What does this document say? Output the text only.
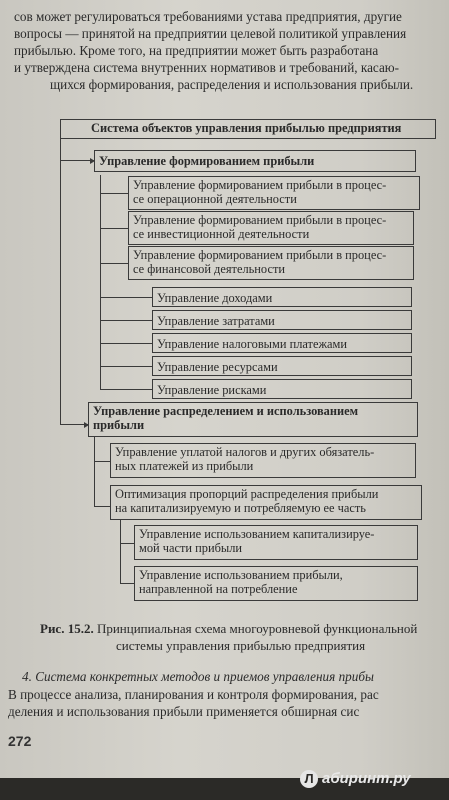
сов может регулироваться требованиями устава предприятия, другие
вопросы — принятой на предприятии целевой политикой управления
прибылью. Кроме того, на предприятии может быть разработана
и утверждена система внутренних нормативов и требований, касаю-
щихся формирования, распределения и использования прибыли.
Система объектов управления прибылью предприятия
Управление формированием прибыли
Управление формированием прибыли в процес-
се операционной деятельности
Управление формированием прибыли в процес-
се инвестиционной деятельности
Управление формированием прибыли в процес-
се финансовой деятельности
Управление доходами
Управление затратами
Управление налоговыми платежами
Управление ресурсами
Управление рисками
Управление распределением и использованием
прибыли
Управление уплатой налогов и других обязатель-
ных платежей из прибыли
Оптимизация пропорций распределения прибыли
на капитализируемую и потребляемую ее часть
Управление использованием капитализируе-
мой части прибыли
Управление использованием прибыли,
направленной на потребление
Рис. 15.2. Принципиальная схема многоуровневой функциональной
системы управления прибылью предприятия
4. Система конкретных методов и приемов управления прибы
В процессе анализа, планирования и контроля формирования, рас
деления и использования прибыли применяется обширная сис
272
Л абиринт.ру
